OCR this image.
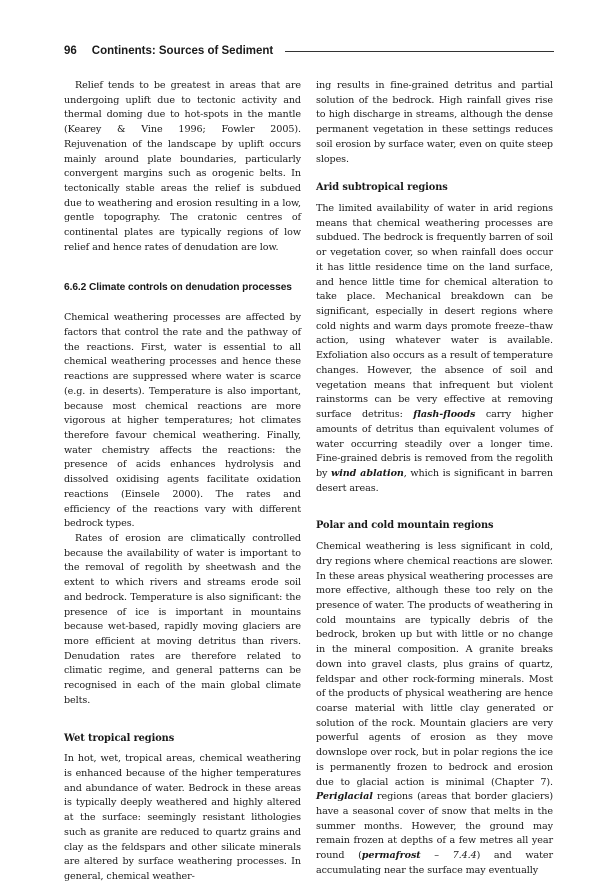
96 Continents: Sources of Sediment

Relief tends to be greatest in areas that are undergoing uplift due to tectonic activity and thermal doming due to hot-spots in the mantle (Kearey & Vine 1996; Fowler 2005). Rejuvenation of the landscape by uplift occurs mainly around plate boundaries, particularly convergent margins such as orogenic belts. In tectonically stable areas the relief is subdued due to weathering and erosion resulting in a low, gentle topography. The cratonic centres of continental plates are typically regions of low relief and hence rates of denudation are low.

6.6.2 Climate controls on denudation processes

Chemical weathering processes are affected by factors that control the rate and the pathway of the reactions. First, water is essential to all chemical weathering processes and hence these reactions are suppressed where water is scarce (e.g. in deserts). Temperature is also important, because most chemical reactions are more vigorous at higher temperatures; hot climates therefore favour chemical weathering. Finally, water chemistry affects the reactions: the presence of acids enhances hydrolysis and dissolved oxidising agents facilitate oxidation reactions (Einsele 2000). The rates and efficiency of the reactions vary with different bedrock types.

Rates of erosion are climatically controlled because the availability of water is important to the removal of regolith by sheetwash and the extent to which rivers and streams erode soil and bedrock. Temperature is also significant: the presence of ice is important in mountains because wet-based, rapidly moving glaciers are more efficient at moving detritus than rivers. Denudation rates are therefore related to climatic regime, and general patterns can be recognised in each of the main global climate belts.

Wet tropical regions

In hot, wet, tropical areas, chemical weathering is enhanced because of the higher temperatures and abundance of water. Bedrock in these areas is typically deeply weathered and highly altered at the surface: seemingly resistant lithologies such as granite are reduced to quartz grains and clay as the feldspars and other silicate minerals are altered by surface weathering processes. In general, chemical weather-

ing results in fine-grained detritus and partial solution of the bedrock. High rainfall gives rise to high discharge in streams, although the dense permanent vegetation in these settings reduces soil erosion by surface water, even on quite steep slopes.

Arid subtropical regions

The limited availability of water in arid regions means that chemical weathering processes are subdued. The bedrock is frequently barren of soil or vegetation cover, so when rainfall does occur it has little residence time on the land surface, and hence little time for chemical alteration to take place. Mechanical breakdown can be significant, especially in desert regions where cold nights and warm days promote freeze–thaw action, using whatever water is available. Exfoliation also occurs as a result of temperature changes. However, the absence of soil and vegetation means that infrequent but violent rainstorms can be very effective at removing surface detritus: flash-floods carry higher amounts of detritus than equivalent volumes of water occurring steadily over a longer time. Fine-grained debris is removed from the regolith by wind ablation, which is significant in barren desert areas.

Polar and cold mountain regions

Chemical weathering is less significant in cold, dry regions where chemical reactions are slower. In these areas physical weathering processes are more effective, although these too rely on the presence of water. The products of weathering in cold mountains are typically debris of the bedrock, broken up but with little or no change in the mineral composition. A granite breaks down into gravel clasts, plus grains of quartz, feldspar and other rock-forming minerals. Most of the products of physical weathering are hence coarse material with little clay generated or solution of the rock. Mountain glaciers are very powerful agents of erosion as they move downslope over rock, but in polar regions the ice is permanently frozen to bedrock and erosion due to glacial action is minimal (Chapter 7). Periglacial regions (areas that border glaciers) have a seasonal cover of snow that melts in the summer months. However, the ground may remain frozen at depths of a few metres all year round (permafrost – 7.4.4) and water accumulating near the surface may eventually
